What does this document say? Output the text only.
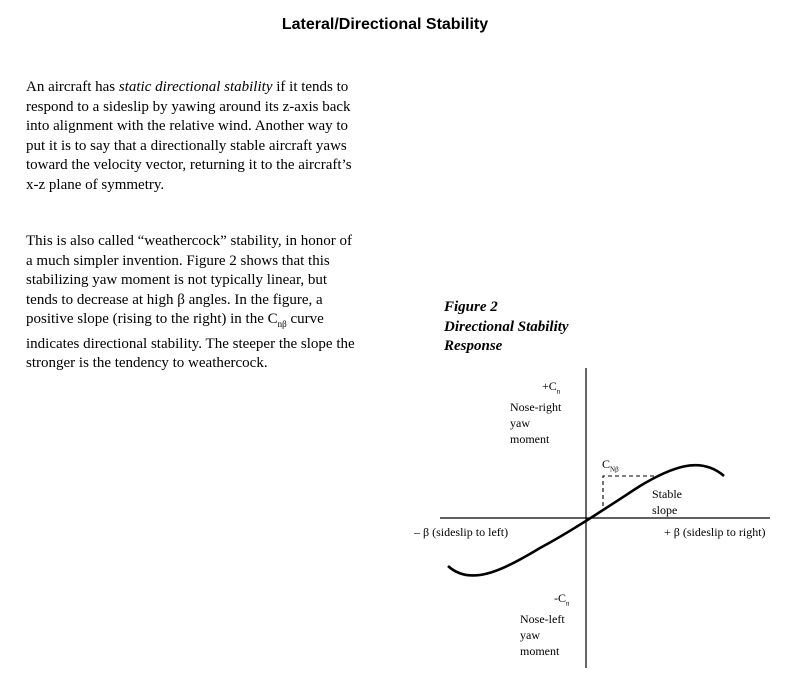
Lateral/Directional Stability

An aircraft has static directional stability if it tends to respond to a sideslip by yawing around its z-axis back into alignment with the relative wind. Another way to put it is to say that a directionally stable aircraft yaws toward the velocity vector, returning it to the aircraft’s x-z plane of symmetry.

This is also called “weathercock” stability, in honor of a much simpler invention. Figure 2 shows that this stabilizing yaw moment is not typically linear, but tends to decrease at high β angles. In the figure, a positive slope (rising to the right) in the $C_{n\beta}$ curve indicates directional stability. The steeper the slope the stronger is the tendency to weathercock.

Figure 2
Directional Stability
Response
$+C_n$
Nose-right
yaw
moment
$-C_n$
Nose-left
yaw
moment
– β (sideslip to left)	+ β (sideslip to right)
$C_{N\beta}$
Stable
slope
